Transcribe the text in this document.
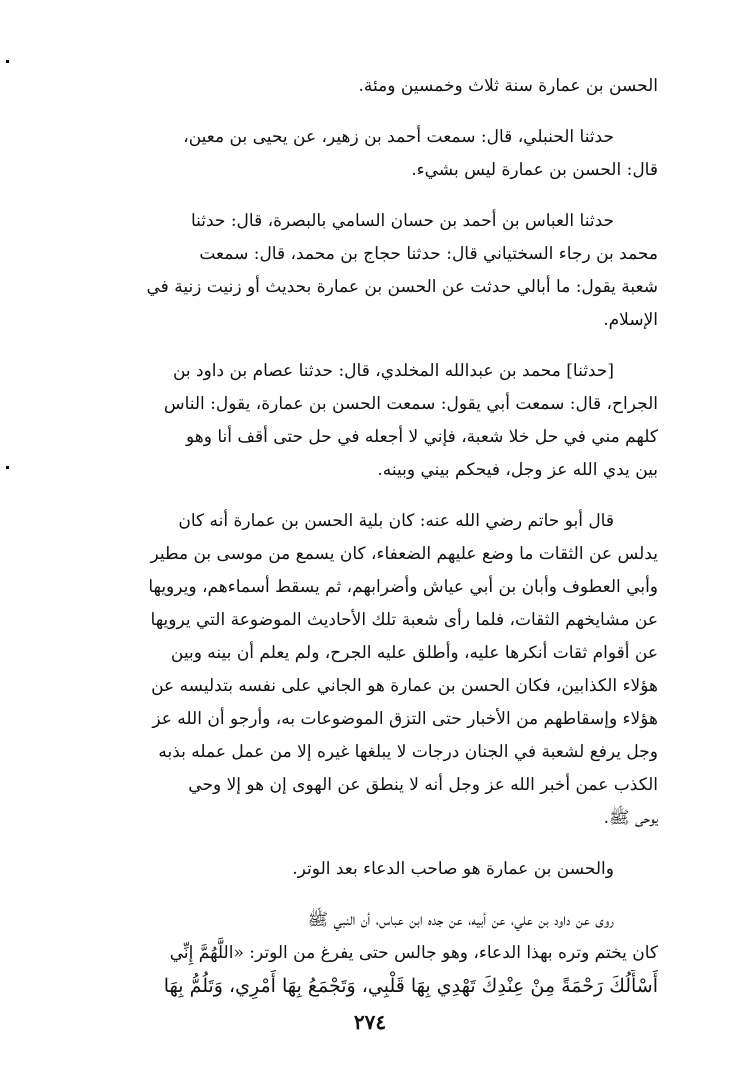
الحسن بن عمارة سنة ثلاث وخمسين ومئة.

حدثنا الحنبلي، قال: سمعت أحمد بن زهير، عن يحيى بن معين،
قال: الحسن بن عمارة ليس بشيء.

حدثنا العباس بن أحمد بن حسان السامي بالبصرة، قال: حدثنا
محمد بن رجاء السختياني قال: حدثنا حجاج بن محمد، قال: سمعت
شعبة يقول: ما أبالي حدثت عن الحسن بن عمارة بحديث أو زنيت زنية في
الإسلام.

[حدثنا] محمد بن عبدالله المخلدي، قال: حدثنا عصام بن داود بن
الجراح، قال: سمعت أبي يقول: سمعت الحسن بن عمارة، يقول: الناس
كلهم مني في حل خلا شعبة، فإني لا أجعله في حل حتى أقف أنا وهو
بين يدي الله عز وجل، فيحكم بيني وبينه.

قال أبو حاتم رضي الله عنه: كان بلية الحسن بن عمارة أنه كان
يدلس عن الثقات ما وضع عليهم الضعفاء، كان يسمع من موسى بن مطير
وأبي العطوف وأبان بن أبي عياش وأضرابهم، ثم يسقط أسماءهم، ويرويها
عن مشايخهم الثقات، فلما رأى شعبة تلك الأحاديث الموضوعة التي يرويها
عن أقوام ثقات أنكرها عليه، وأطلق عليه الجرح، ولم يعلم أن بينه وبين
هؤلاء الكذابين، فكان الحسن بن عمارة هو الجاني على نفسه بتدليسه عن
هؤلاء وإسقاطهم من الأخبار حتى التزق الموضوعات به، وأرجو أن الله عز
وجل يرفع لشعبة في الجنان درجات لا يبلغها غيره إلا من عمل عمله بذبه
الكذب عمن أخبر الله عز وجل أنه لا ينطق عن الهوى إن هو إلا وحي
يوحى ﷺ.

والحسن بن عمارة هو صاحب الدعاء بعد الوتر.

روى عن داود بن علي، عن أبيه، عن جده ابن عباس، أن النبي ﷺ
كان يختم وتره بهذا الدعاء، وهو جالس حتى يفرغ من الوتر: «اللَّهُمَّ إِنِّي
أَسْأَلُكَ رَحْمَةً مِنْ عِنْدِكَ تَهْدِي بِهَا قَلْبِي، وَتَجْمَعُ بِهَا أَمْرِي، وَتَلُمُّ بِهَا

٢٧٤
